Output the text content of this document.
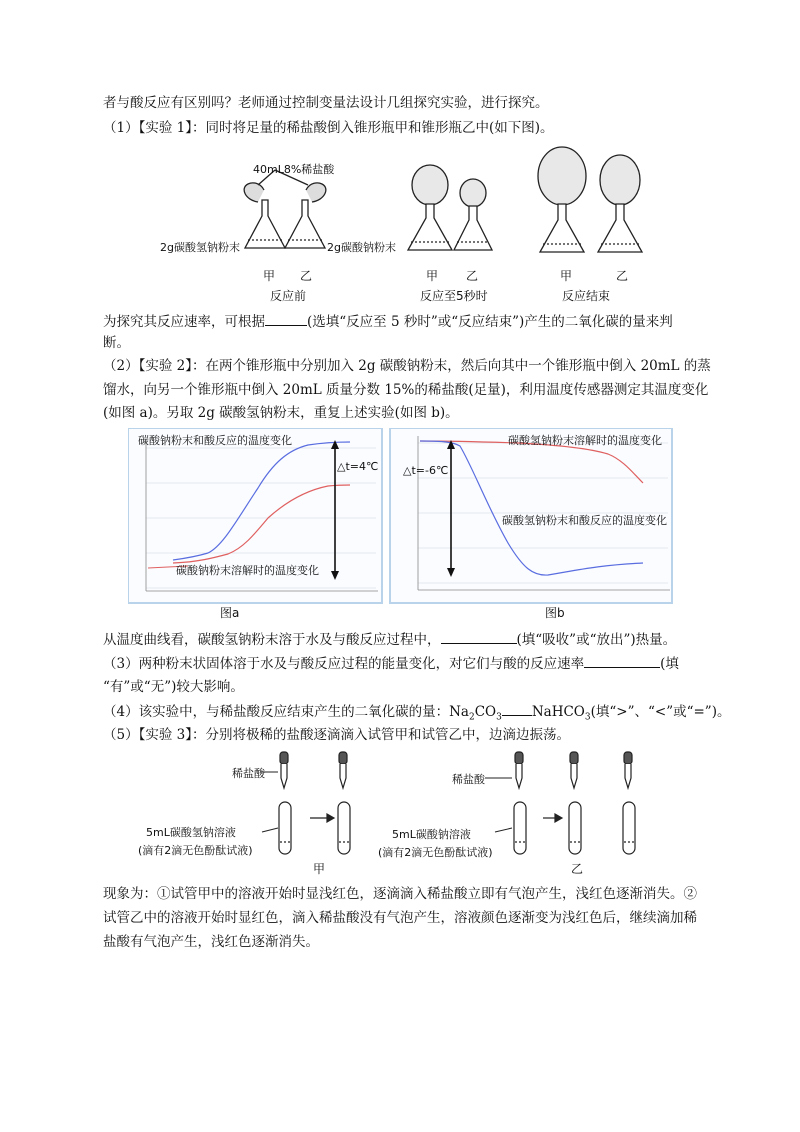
者与酸反应有区别吗？老师通过控制变量法设计几组探究实验，进行探究。
（1）【实验 1】：同时将足量的稀盐酸倒入锥形瓶甲和锥形瓶乙中(如下图)。
40mL8%稀盐酸
2g碳酸氢钠粉末	2g碳酸钠粉末
甲 乙	甲 乙	甲	乙
反应前	反应至5秒时	反应结束
为探究其反应速率，可根据	(选填“反应至 5 秒时”或“反应结束”)产生的二氧化碳的量来判
断。
（2）【实验 2】：在两个锥形瓶中分别加入 2g 碳酸钠粉末，然后向其中一个锥形瓶中倒入 20mL 的蒸
馏水，向另一个锥形瓶中倒入 20mL 质量分数 15%的稀盐酸(足量)，利用温度传感器测定其温度变化
(如图 a)。另取 2g 碳酸氢钠粉末，重复上述实验(如图 b)。
碳酸钠粉末和酸反应的温度变化
△t=4℃
碳酸钠粉末溶解时的温度变化
图a
碳酸氢钠粉末溶解时的温度变化
△t=-6℃
碳酸氢钠粉末和酸反应的温度变化
图b
从温度曲线看，碳酸氢钠粉末溶于水及与酸反应过程中，	(填“吸收”或“放出”)热量。
（3）两种粉末状固体溶于水及与酸反应过程的能量变化，对它们与酸的反应速率	(填
“有”或“无”)较大影响。
（4）该实验中，与稀盐酸反应结束产生的二氧化碳的量：$Na_2CO_3$ NaHCO$_3$(填“>”、“<”或“=”)。
（5）【实验 3】：分别将极稀的盐酸逐滴滴入试管甲和试管乙中，边滴边振荡。
稀盐酸	稀盐酸
5mL碳酸氢钠溶液
(滴有2滴无色酚酞试液)
5mL碳酸钠溶液
(滴有2滴无色酚酞试液)
甲	乙
现象为：①试管甲中的溶液开始时显浅红色，逐滴滴入稀盐酸立即有气泡产生，浅红色逐渐消失。②
试管乙中的溶液开始时显红色，滴入稀盐酸没有气泡产生，溶液颜色逐渐变为浅红色后，继续滴加稀
盐酸有气泡产生，浅红色逐渐消失。
